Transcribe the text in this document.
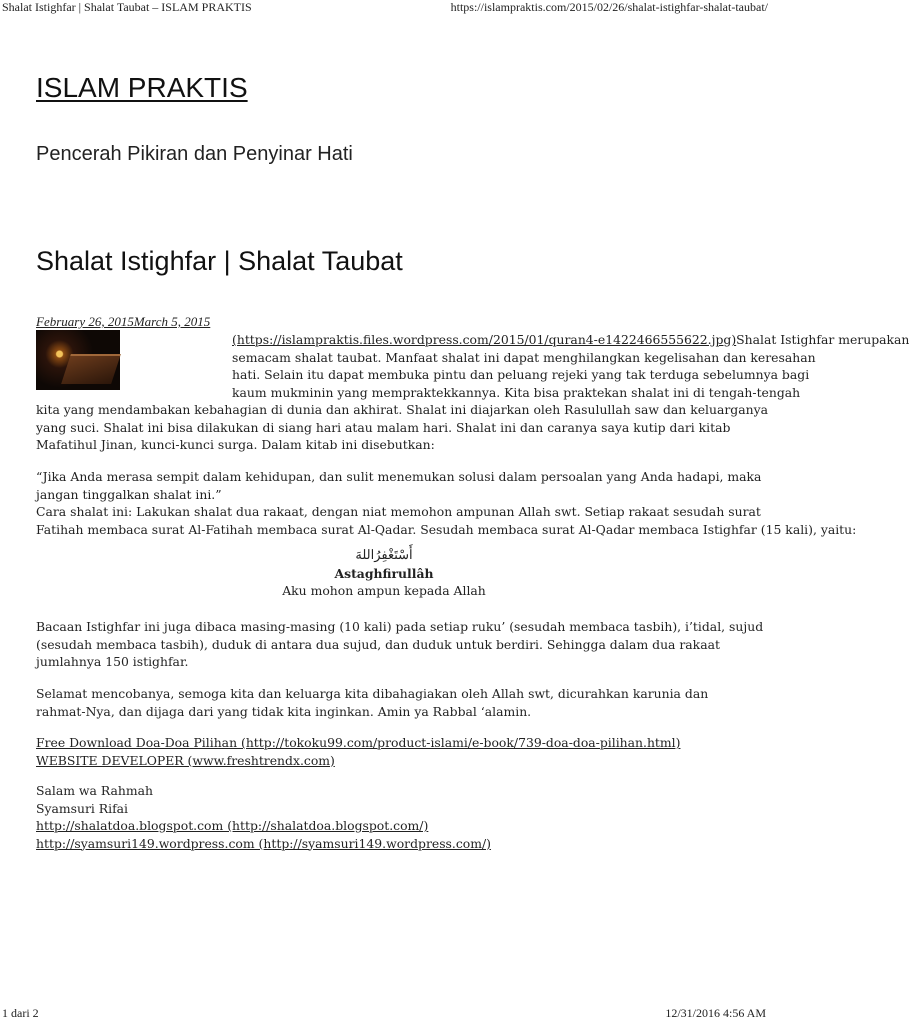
Shalat Istighfar | Shalat Taubat – ISLAM PRAKTIS	https://islampraktis.com/2015/02/26/shalat-istighfar-shalat-taubat/
ISLAM PRAKTIS
Pencerah Pikiran dan Penyinar Hati
Shalat Istighfar | Shalat Taubat
February 26, 2015March 5, 2015
(https://islampraktis.files.wordpress.com/2015/01/quran4-e1422466555622.jpg)Shalat Istighfar merupakan
semacam shalat taubat. Manfaat shalat ini dapat menghilangkan kegelisahan dan keresahan
hati. Selain itu dapat membuka pintu dan peluang rejeki yang tak terduga sebelumnya bagi
kaum mukminin yang mempraktekkannya. Kita bisa praktekan shalat ini di tengah-tengah
kita yang mendambakan kebahagian di dunia dan akhirat. Shalat ini diajarkan oleh Rasulullah saw dan keluarganya
yang suci. Shalat ini bisa dilakukan di siang hari atau malam hari. Shalat ini dan caranya saya kutip dari kitab
Mafatihul Jinan, kunci-kunci surga. Dalam kitab ini disebutkan:
“Jika Anda merasa sempit dalam kehidupan, dan sulit menemukan solusi dalam persoalan yang Anda hadapi, maka
jangan tinggalkan shalat ini.”
Cara shalat ini: Lakukan shalat dua rakaat, dengan niat memohon ampunan Allah swt. Setiap rakaat sesudah surat
Fatihah membaca surat Al-Fatihah membaca surat Al-Qadar. Sesudah membaca surat Al-Qadar membaca Istighfar (15 kali), yaitu:
أَسْتَغْفِرُاللهَ
Astaghfirullâh
Aku mohon ampun kepada Allah
Bacaan Istighfar ini juga dibaca masing-masing (10 kali) pada setiap ruku’ (sesudah membaca tasbih), i’tidal, sujud
(sesudah membaca tasbih), duduk di antara dua sujud, dan duduk untuk berdiri. Sehingga dalam dua rakaat
jumlahnya 150 istighfar.
Selamat mencobanya, semoga kita dan keluarga kita dibahagiakan oleh Allah swt, dicurahkan karunia dan
rahmat-Nya, dan dijaga dari yang tidak kita inginkan. Amin ya Rabbal ‘alamin.
Free Download Doa-Doa Pilihan (http://tokoku99.com/product-islami/e-book/739-doa-doa-pilihan.html)
WEBSITE DEVELOPER (www.freshtrendx.com)
Salam wa Rahmah
Syamsuri Rifai
http://shalatdoa.blogspot.com (http://shalatdoa.blogspot.com/)
http://syamsuri149.wordpress.com (http://syamsuri149.wordpress.com/)
1 dari 2	12/31/2016 4:56 AM
